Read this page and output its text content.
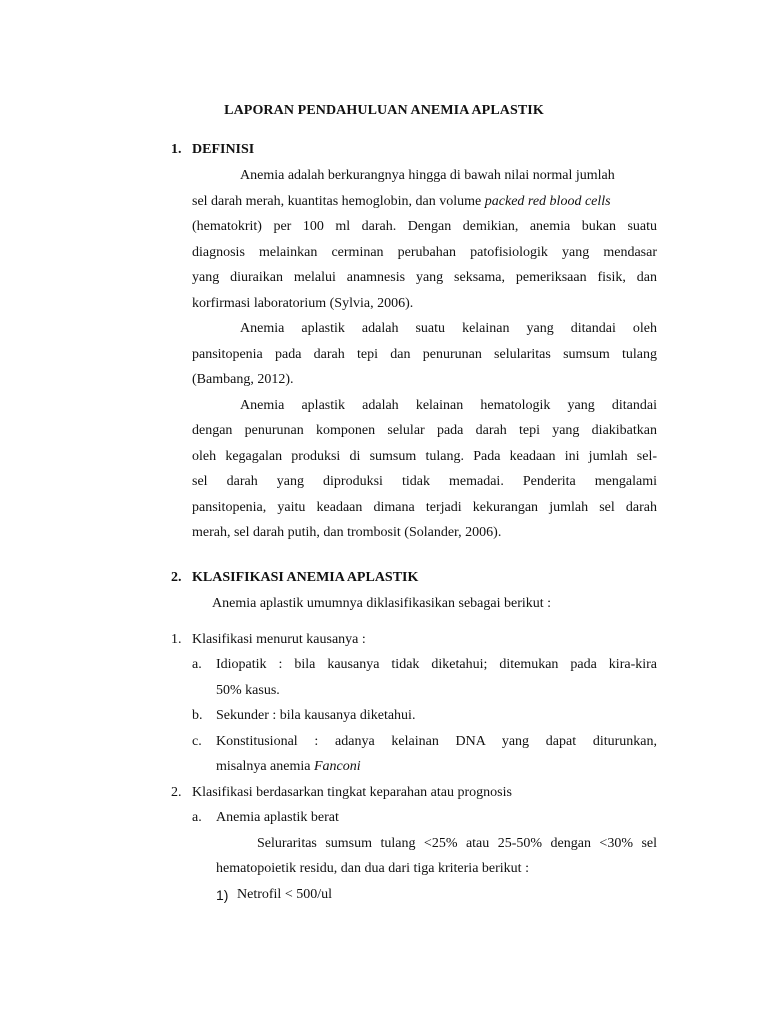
LAPORAN PENDAHULUAN ANEMIA APLASTIK
1. DEFINISI
Anemia adalah berkurangnya hingga di bawah nilai normal jumlah
sel darah merah, kuantitas hemoglobin, dan volume packed red blood cells
(hematokrit) per 100 ml darah. Dengan demikian, anemia bukan suatu
diagnosis melainkan cerminan perubahan patofisiologik yang mendasar
yang diuraikan melalui anamnesis yang seksama, pemeriksaan fisik, dan
korfirmasi laboratorium (Sylvia, 2006).
Anemia aplastik adalah suatu kelainan yang ditandai oleh
pansitopenia pada darah tepi dan penurunan selularitas sumsum tulang
(Bambang, 2012).
Anemia aplastik adalah kelainan hematologik yang ditandai
dengan penurunan komponen selular pada darah tepi yang diakibatkan
oleh kegagalan produksi di sumsum tulang. Pada keadaan ini jumlah sel-
sel darah yang diproduksi tidak memadai. Penderita mengalami
pansitopenia, yaitu keadaan dimana terjadi kekurangan jumlah sel darah
merah, sel darah putih, dan trombosit (Solander, 2006).
2. KLASIFIKASI ANEMIA APLASTIK
Anemia aplastik umumnya diklasifikasikan sebagai berikut :
1. Klasifikasi menurut kausanya :
a. Idiopatik : bila kausanya tidak diketahui; ditemukan pada kira-kira
50% kasus.
b. Sekunder : bila kausanya diketahui.
c. Konstitusional : adanya kelainan DNA yang dapat diturunkan,
misalnya anemia Fanconi
2. Klasifikasi berdasarkan tingkat keparahan atau prognosis
a. Anemia aplastik berat
Seluraritas sumsum tulang <25% atau 25-50% dengan <30% sel
hematopoietik residu, dan dua dari tiga kriteria berikut :
1) Netrofil < 500/ul
